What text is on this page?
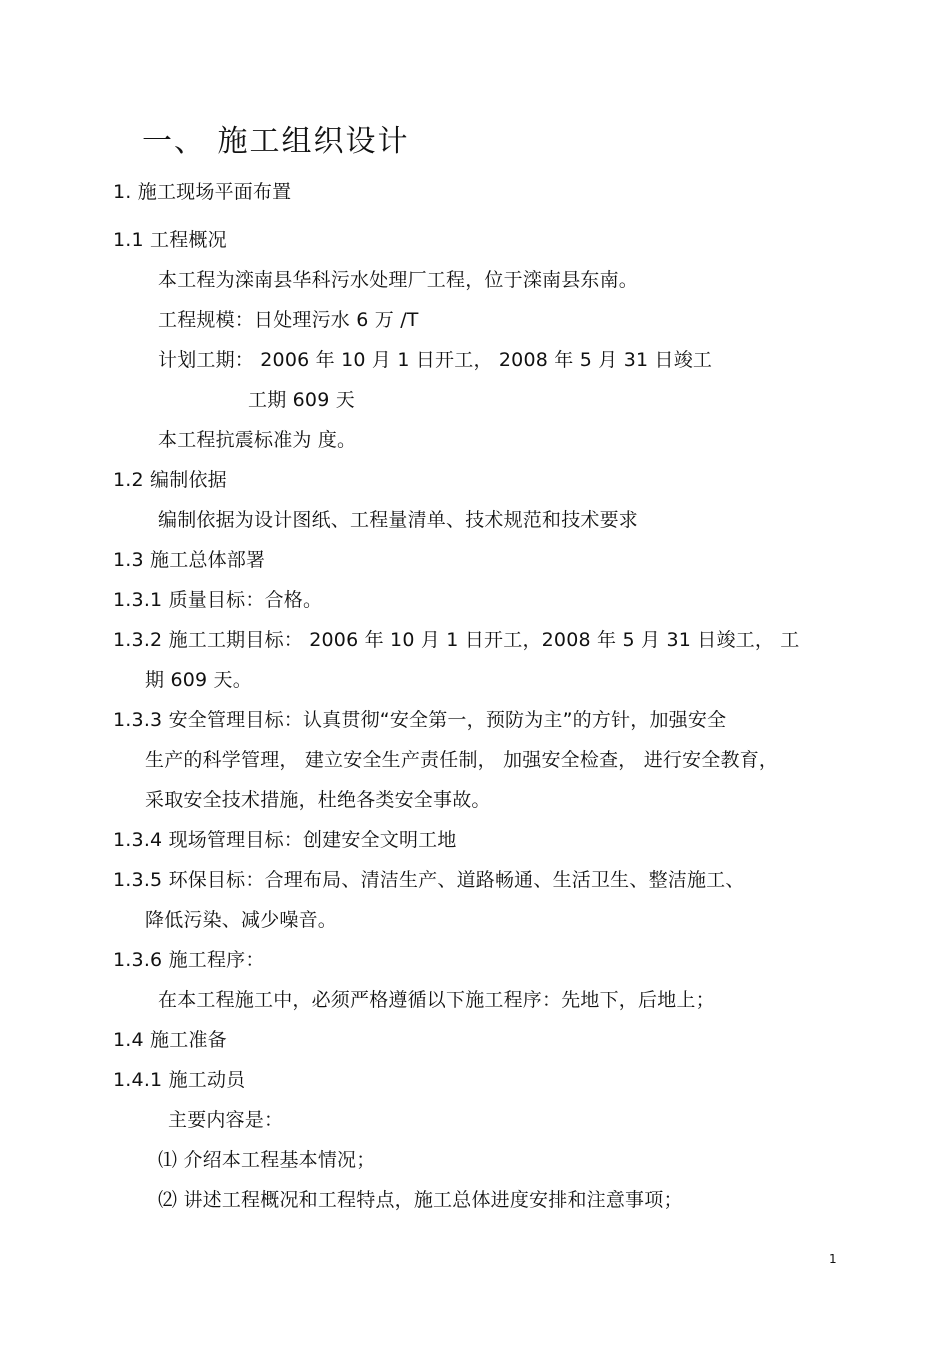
一、 施工组织设计
1. 施工现场平面布置
1.1 工程概况
本工程为滦南县华科污水处理厂工程，位于滦南县东南。
工程规模：日处理污水 6 万 /T
计划工期： 2006 年 10 月 1 日开工， 2008 年 5 月 31 日竣工
工期 609 天
本工程抗震标准为 度。
1.2 编制依据
编制依据为设计图纸、工程量清单、技术规范和技术要求
1.3 施工总体部署
1.3.1 质量目标：合格。
1.3.2 施工工期目标： 2006 年 10 月 1 日开工，2008 年 5 月 31 日竣工， 工
期 609 天。
1.3.3 安全管理目标：认真贯彻“安全第一，预防为主”的方针，加强安全
生产的科学管理， 建立安全生产责任制， 加强安全检查， 进行安全教育，
采取安全技术措施，杜绝各类安全事故。
1.3.4 现场管理目标：创建安全文明工地
1.3.5 环保目标：合理布局、清洁生产、道路畅通、生活卫生、整洁施工、
降低污染、减少噪音。
1.3.6 施工程序：
在本工程施工中，必须严格遵循以下施工程序：先地下，后地上；
1.4 施工准备
1.4.1 施工动员
主要内容是：
⑴ 介绍本工程基本情况；
⑵ 讲述工程概况和工程特点，施工总体进度安排和注意事项；
1
